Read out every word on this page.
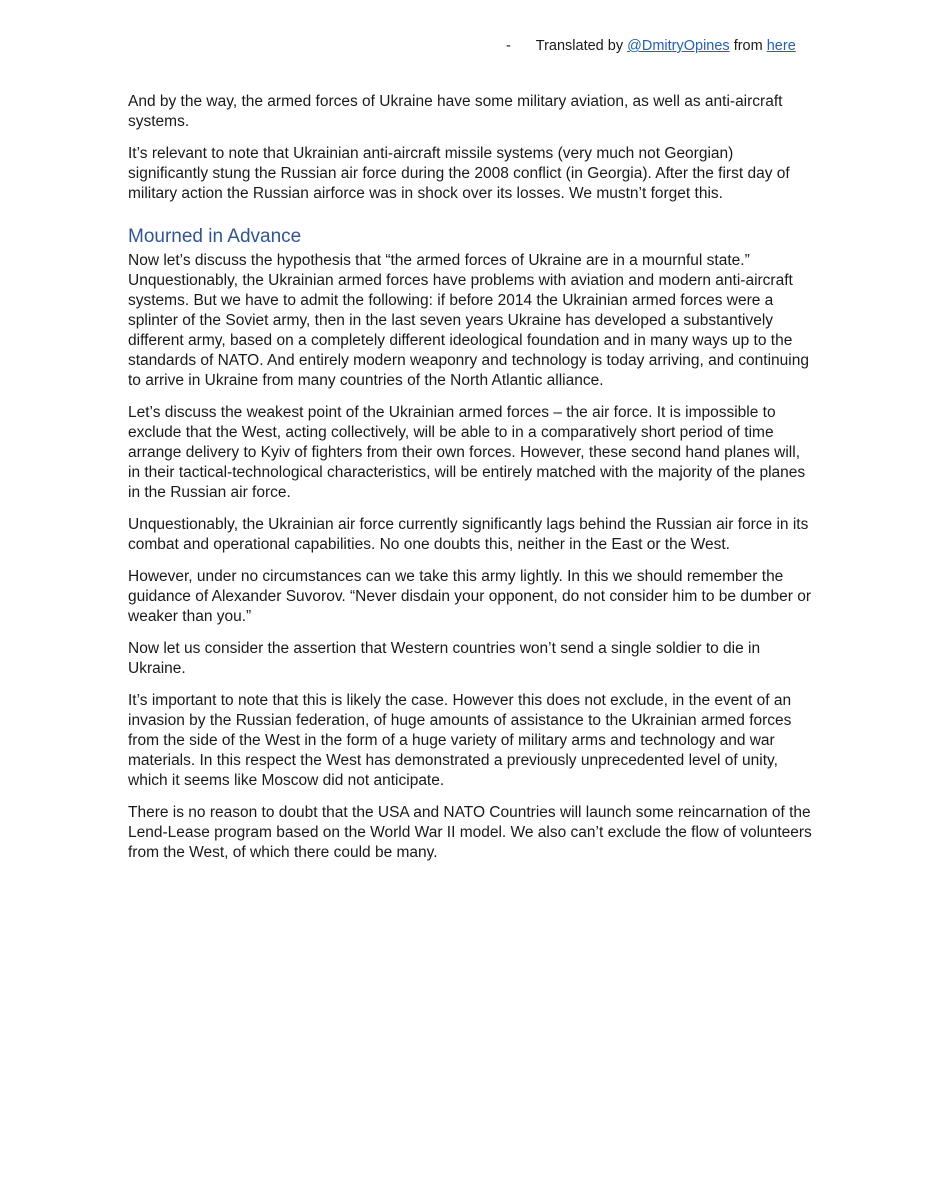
- Translated by @DmitryOpines from here

And by the way, the armed forces of Ukraine have some military aviation, as well as anti-aircraft systems.

It’s relevant to note that Ukrainian anti-aircraft missile systems (very much not Georgian) significantly stung the Russian air force during the 2008 conflict (in Georgia). After the first day of military action the Russian airforce was in shock over its losses. We mustn’t forget this.

Mourned in Advance

Now let’s discuss the hypothesis that “the armed forces of Ukraine are in a mournful state.” Unquestionably, the Ukrainian armed forces have problems with aviation and modern anti-aircraft systems. But we have to admit the following: if before 2014 the Ukrainian armed forces were a splinter of the Soviet army, then in the last seven years Ukraine has developed a substantively different army, based on a completely different ideological foundation and in many ways up to the standards of NATO. And entirely modern weaponry and technology is today arriving, and continuing to arrive in Ukraine from many countries of the North Atlantic alliance.

Let’s discuss the weakest point of the Ukrainian armed forces – the air force. It is impossible to exclude that the West, acting collectively, will be able to in a comparatively short period of time arrange delivery to Kyiv of fighters from their own forces. However, these second hand planes will, in their tactical-technological characteristics, will be entirely matched with the majority of the planes in the Russian air force.

Unquestionably, the Ukrainian air force currently significantly lags behind the Russian air force in its combat and operational capabilities. No one doubts this, neither in the East or the West.

However, under no circumstances can we take this army lightly. In this we should remember the guidance of Alexander Suvorov. “Never disdain your opponent, do not consider him to be dumber or weaker than you.”

Now let us consider the assertion that Western countries won’t send a single soldier to die in Ukraine.

It’s important to note that this is likely the case. However this does not exclude, in the event of an invasion by the Russian federation, of huge amounts of assistance to the Ukrainian armed forces from the side of the West in the form of a huge variety of military arms and technology and war materials. In this respect the West has demonstrated a previously unprecedented level of unity, which it seems like Moscow did not anticipate.

There is no reason to doubt that the USA and NATO Countries will launch some reincarnation of the Lend-Lease program based on the World War II model. We also can’t exclude the flow of volunteers from the West, of which there could be many.
